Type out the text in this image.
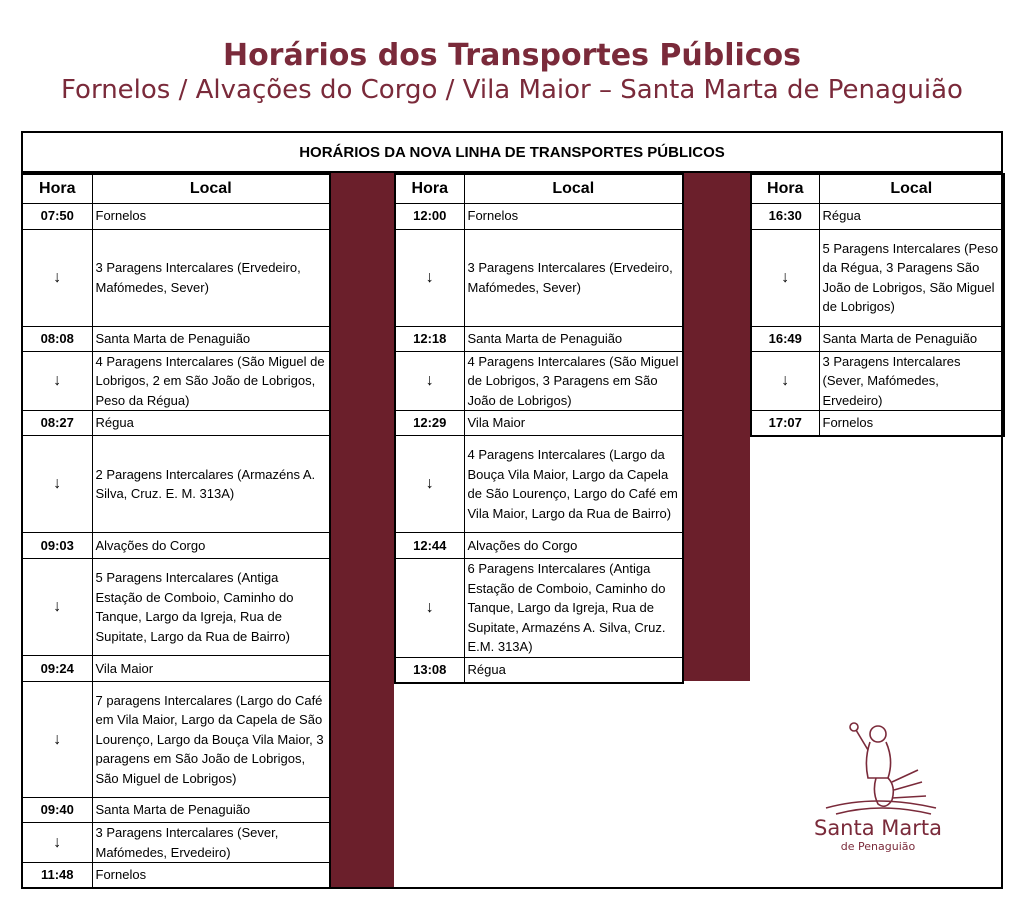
Horários dos Transportes Públicos
Fornelos / Alvações do Corgo / Vila Maior – Santa Marta de Penaguião
HORÁRIOS DA NOVA LINHA DE TRANSPORTES PÚBLICOS
Hora	Local
07:50	Fornelos
↓	3 Paragens Intercalares (Ervedeiro, Mafómedes, Sever)
08:08	Santa Marta de Penaguião
↓	4 Paragens Intercalares (São Miguel de Lobrigos, 2 em São João de Lobrigos, Peso da Régua)
08:27	Régua
↓	2 Paragens Intercalares (Armazéns A. Silva, Cruz. E. M. 313A)
09:03	Alvações do Corgo
↓	5 Paragens Intercalares (Antiga Estação de Comboio, Caminho do Tanque, Largo da Igreja, Rua de Supitate, Largo da Rua de Bairro)
09:24	Vila Maior
↓	7 paragens Intercalares (Largo do Café em Vila Maior, Largo da Capela de São Lourenço, Largo da Bouça Vila Maior, 3 paragens em São João de Lobrigos, São Miguel de Lobrigos)
09:40	Santa Marta de Penaguião
↓	3 Paragens Intercalares (Sever, Mafómedes, Ervedeiro)
11:48	Fornelos
Hora	Local
12:00	Fornelos
↓	3 Paragens Intercalares (Ervedeiro, Mafómedes, Sever)
12:18	Santa Marta de Penaguião
↓	4 Paragens Intercalares (São Miguel de Lobrigos, 3 Paragens em São João de Lobrigos)
12:29	Vila Maior
↓	4 Paragens Intercalares (Largo da Bouça Vila Maior, Largo da Capela de São Lourenço, Largo do Café em Vila Maior, Largo da Rua de Bairro)
12:44	Alvações do Corgo
↓	6 Paragens Intercalares (Antiga Estação de Comboio, Caminho do Tanque, Largo da Igreja, Rua de Supitate, Armazéns A. Silva, Cruz. E.M. 313A)
13:08	Régua
Hora	Local
16:30	Régua
↓	5 Paragens Intercalares (Peso da Régua, 3 Paragens São João de Lobrigos, São Miguel de Lobrigos)
16:49	Santa Marta de Penaguião
↓	3 Paragens Intercalares (Sever, Mafómedes, Ervedeiro)
17:07	Fornelos
Santa Marta
de Penaguião
